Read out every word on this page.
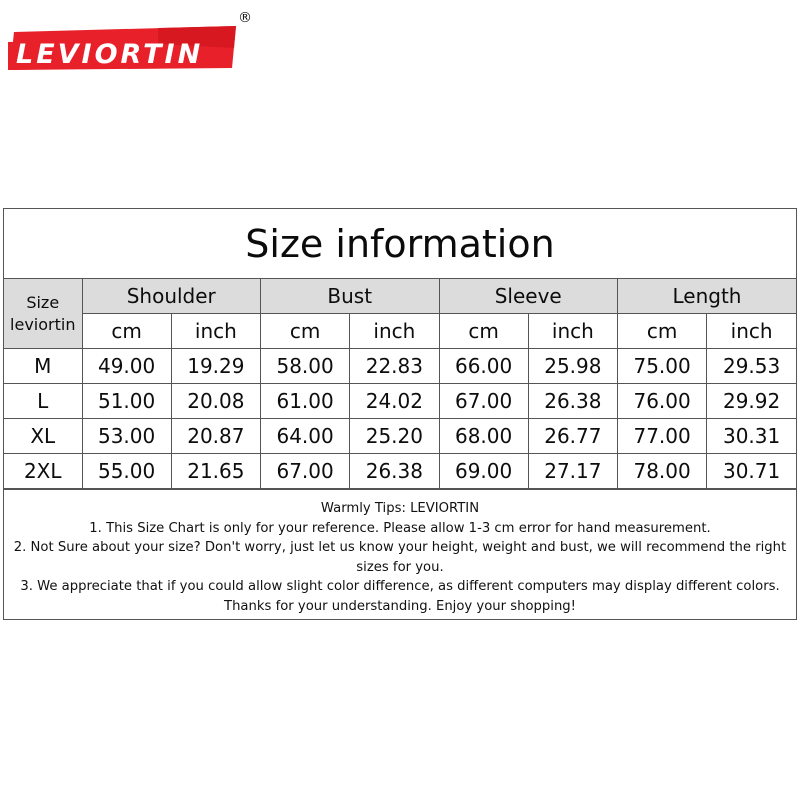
LEVIORTIN
®
Size information
Size
leviortin	Shoulder		Bust		Sleeve		Length	
	cm	inch	cm	inch	cm	inch	cm	inch
M	49.00	19.29	58.00	22.83	66.00	25.98	75.00	29.53
L	51.00	20.08	61.00	24.02	67.00	26.38	76.00	29.92
XL	53.00	20.87	64.00	25.20	68.00	26.77	77.00	30.31
2XL	55.00	21.65	67.00	26.38	69.00	27.17	78.00	30.71
Warmly Tips: LEVIORTIN
1. This Size Chart is only for your reference. Please allow 1-3 cm error for hand measurement.
2. Not Sure about your size? Don't worry, just let us know your height, weight and bust, we will recommend the right sizes for you.
3. We appreciate that if you could allow slight color difference, as different computers may display different colors.
Thanks for your understanding. Enjoy your shopping!
